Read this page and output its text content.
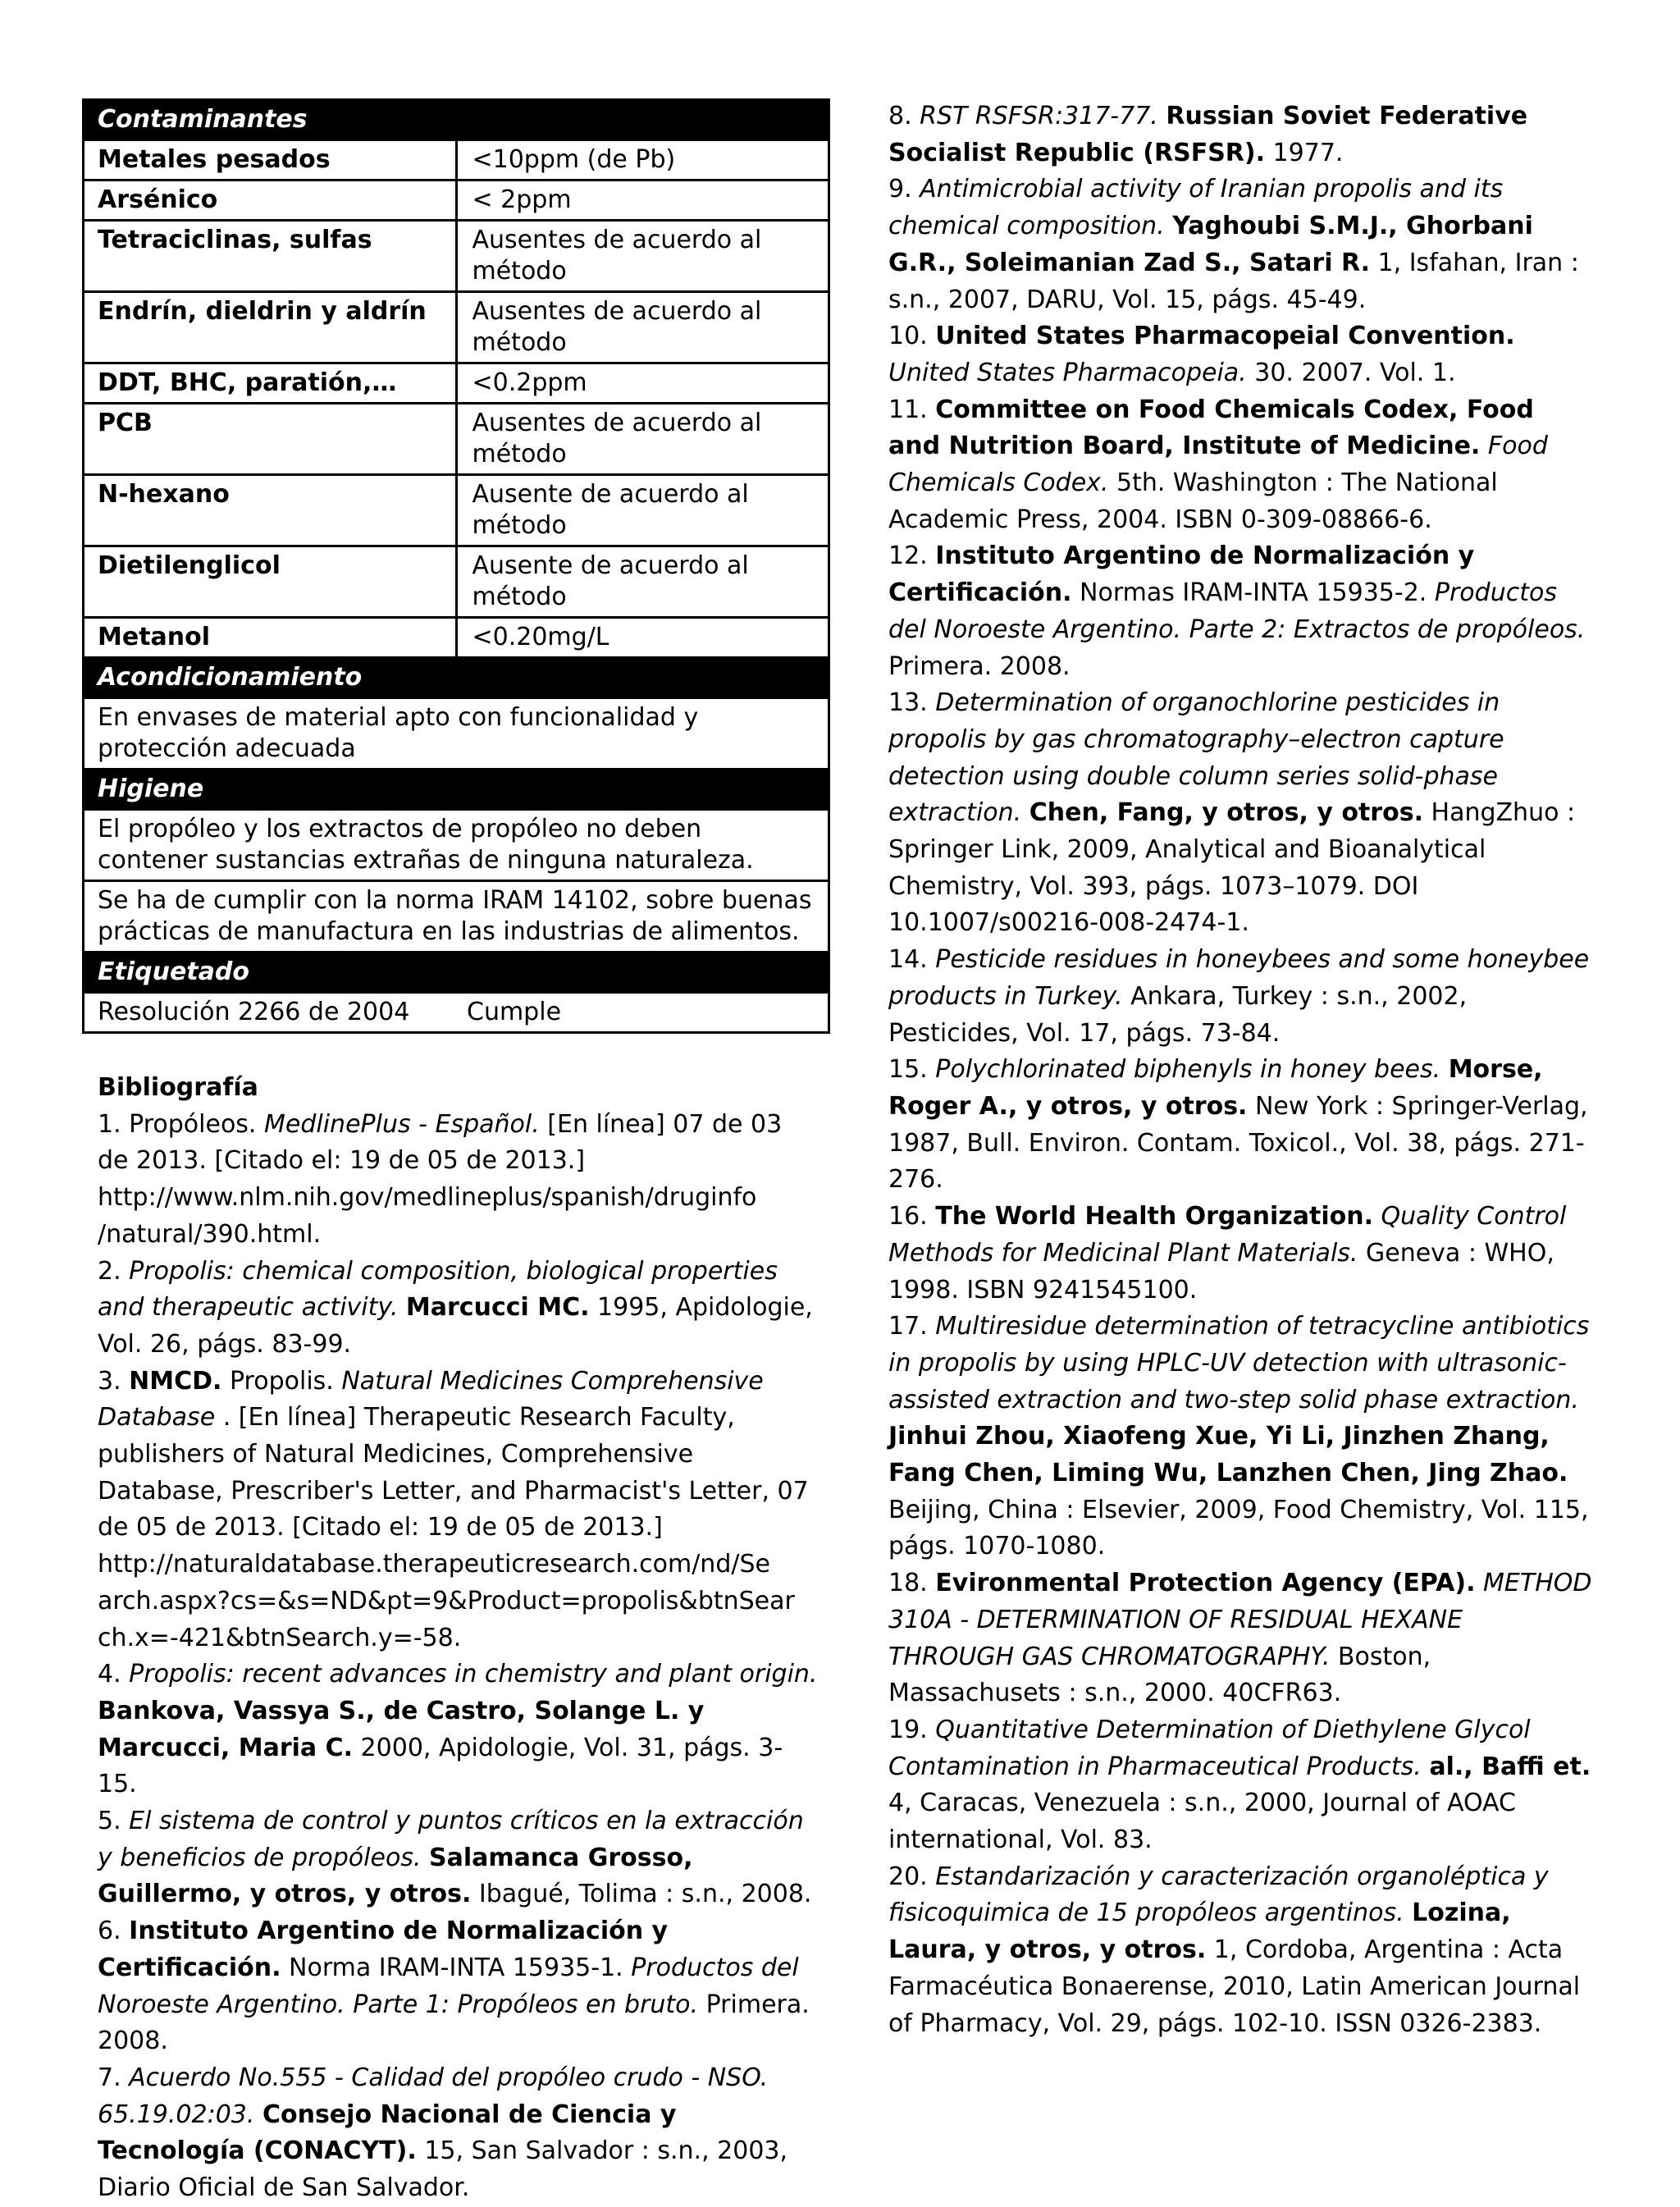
Contaminantes	
Metales pesados	<10ppm (de Pb)
Arsénico	< 2ppm
Tetraciclinas, sulfas	Ausentes de acuerdo al método
Endrín, dieldrin y aldrín	Ausentes de acuerdo al método
DDT, BHC, paratión,…	<0.2ppm
PCB	Ausentes de acuerdo al método
N-hexano	Ausente de acuerdo al método
Dietilenglicol	Ausente de acuerdo al método
Metanol	<0.20mg/L
Acondicionamiento	
En envases de material apto con funcionalidad y protección adecuada	
Higiene	
El propóleo y los extractos de propóleo no deben contener sustancias extrañas de ninguna naturaleza.	
Se ha de cumplir con la norma IRAM 14102, sobre buenas prácticas de manufactura en las industrias de alimentos.	
Etiquetado	

Resolución 2266 de 2004 Cumple	
Bibliografía

1. Propóleos. MedlinePlus - Español. [En línea] 07 de 03 de 2013. [Citado el: 19 de 05 de 2013.] http://www.nlm.nih.gov/medlineplus/spanish/druginfo /natural/390.html.

2. Propolis: chemical composition, biological properties and therapeutic activity. Marcucci MC. 1995, Apidologie, Vol. 26, págs. 83-99.

3. NMCD. Propolis. Natural Medicines Comprehensive Database . [En línea] Therapeutic Research Faculty, publishers of Natural Medicines, Comprehensive Database, Prescriber's Letter, and Pharmacist's Letter, 07 de 05 de 2013. [Citado el: 19 de 05 de 2013.] http://naturaldatabase.therapeuticresearch.com/nd/Se arch.aspx?cs=&s=ND&pt=9&Product=propolis&btnSear ch.x=-421&btnSearch.y=-58.

4. Propolis: recent advances in chemistry and plant origin. Bankova, Vassya S., de Castro, Solange L. y Marcucci, Maria C. 2000, Apidologie, Vol. 31, págs. 3-15.

5. El sistema de control y puntos críticos en la extracción y beneficios de propóleos. Salamanca Grosso, Guillermo, y otros, y otros. Ibagué, Tolima : s.n., 2008.

6. Instituto Argentino de Normalización y Certificación. Norma IRAM-INTA 15935-1. Productos del Noroeste Argentino. Parte 1: Propóleos en bruto. Primera. 2008.

7. Acuerdo No.555 - Calidad del propóleo crudo - NSO. 65.19.02:03. Consejo Nacional de Ciencia y Tecnología (CONACYT). 15, San Salvador : s.n., 2003, Diario Oficial de San Salvador.

8. RST RSFSR:317-77. Russian Soviet Federative Socialist Republic (RSFSR). 1977.

9. Antimicrobial activity of Iranian propolis and its chemical composition. Yaghoubi S.M.J., Ghorbani G.R., Soleimanian Zad S., Satari R. 1, Isfahan, Iran : s.n., 2007, DARU, Vol. 15, págs. 45-49.

10. United States Pharmacopeial Convention. United States Pharmacopeia. 30. 2007. Vol. 1.

11. Committee on Food Chemicals Codex, Food and Nutrition Board, Institute of Medicine. Food Chemicals Codex. 5th. Washington : The National Academic Press, 2004. ISBN 0-309-08866-6.

12. Instituto Argentino de Normalización y Certificación. Normas IRAM-INTA 15935-2. Productos del Noroeste Argentino. Parte 2: Extractos de propóleos. Primera. 2008.

13. Determination of organochlorine pesticides in propolis by gas chromatography–electron capture detection using double column series solid-phase extraction. Chen, Fang, y otros, y otros. HangZhuo : Springer Link, 2009, Analytical and Bioanalytical Chemistry, Vol. 393, págs. 1073–1079. DOI 10.1007/s00216-008-2474-1.

14. Pesticide residues in honeybees and some honeybee products in Turkey. Ankara, Turkey : s.n., 2002, Pesticides, Vol. 17, págs. 73-84.

15. Polychlorinated biphenyls in honey bees. Morse, Roger A., y otros, y otros. New York : Springer-Verlag, 1987, Bull. Environ. Contam. Toxicol., Vol. 38, págs. 271-276.

16. The World Health Organization. Quality Control Methods for Medicinal Plant Materials. Geneva : WHO, 1998. ISBN 9241545100.

17. Multiresidue determination of tetracycline antibiotics in propolis by using HPLC-UV detection with ultrasonic-assisted extraction and two-step solid phase extraction. Jinhui Zhou, Xiaofeng Xue, Yi Li, Jinzhen Zhang, Fang Chen, Liming Wu, Lanzhen Chen, Jing Zhao. Beijing, China : Elsevier, 2009, Food Chemistry, Vol. 115, págs. 1070-1080.

18. Evironmental Protection Agency (EPA). METHOD 310A - DETERMINATION OF RESIDUAL HEXANE THROUGH GAS CHROMATOGRAPHY. Boston, Massachusets : s.n., 2000. 40CFR63.

19. Quantitative Determination of Diethylene Glycol Contamination in Pharmaceutical Products. al., Baffi et. 4, Caracas, Venezuela : s.n., 2000, Journal of AOAC international, Vol. 83.

20. Estandarización y caracterización organoléptica y fisicoquimica de 15 propóleos argentinos. Lozina, Laura, y otros, y otros. 1, Cordoba, Argentina : Acta Farmacéutica Bonaerense, 2010, Latin American Journal of Pharmacy, Vol. 29, págs. 102-10. ISSN 0326-2383.
